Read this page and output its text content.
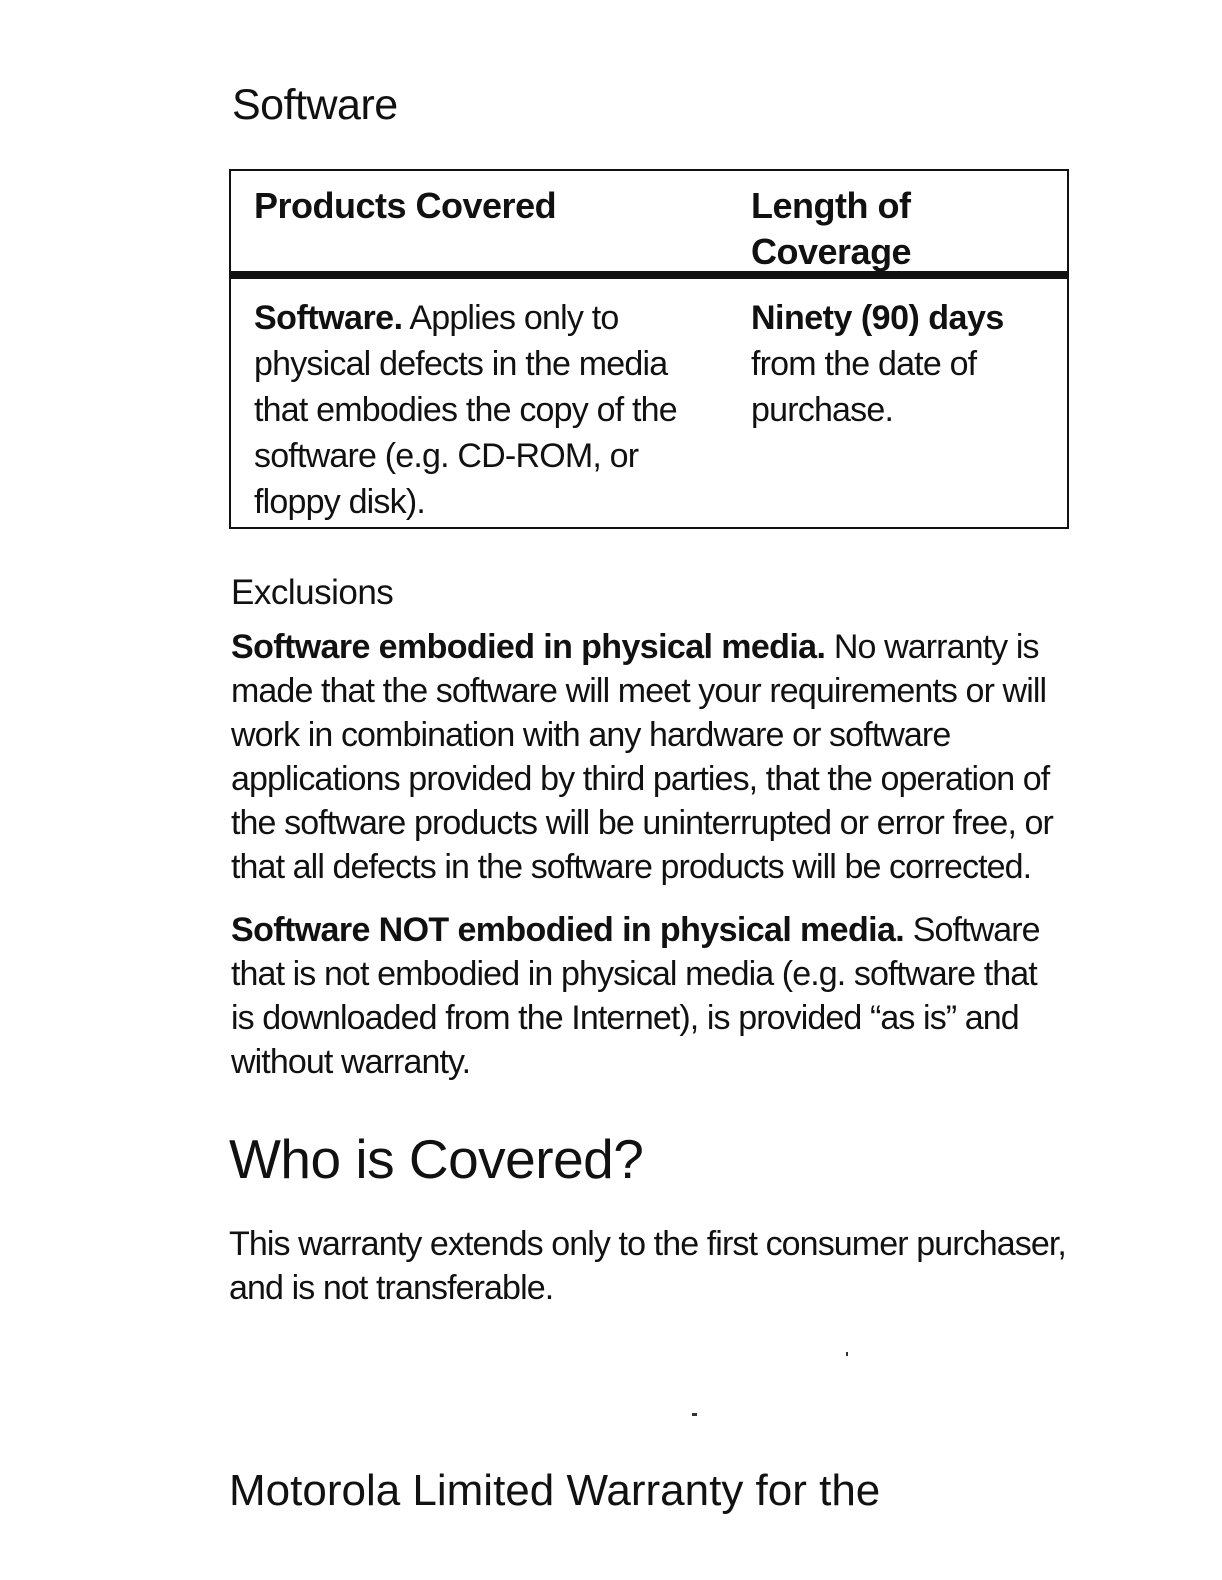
Software
Products Covered	Length of Coverage
Software. Applies only to physical defects in the media that embodies the copy of the software (e.g. CD-ROM, or floppy disk).
Ninety (90) days from the date of purchase.
Exclusions

Software embodied in physical media. No warranty is made that the software will meet your requirements or will work in combination with any hardware or software applications provided by third parties, that the operation of the software products will be uninterrupted or error free, or that all defects in the software products will be corrected.

Software NOT embodied in physical media. Software that is not embodied in physical media (e.g. software that is downloaded from the Internet), is provided “as is” and without warranty.

Who is Covered?

This warranty extends only to the first consumer purchaser, and is not transferable.

Motorola Limited Warranty for the
